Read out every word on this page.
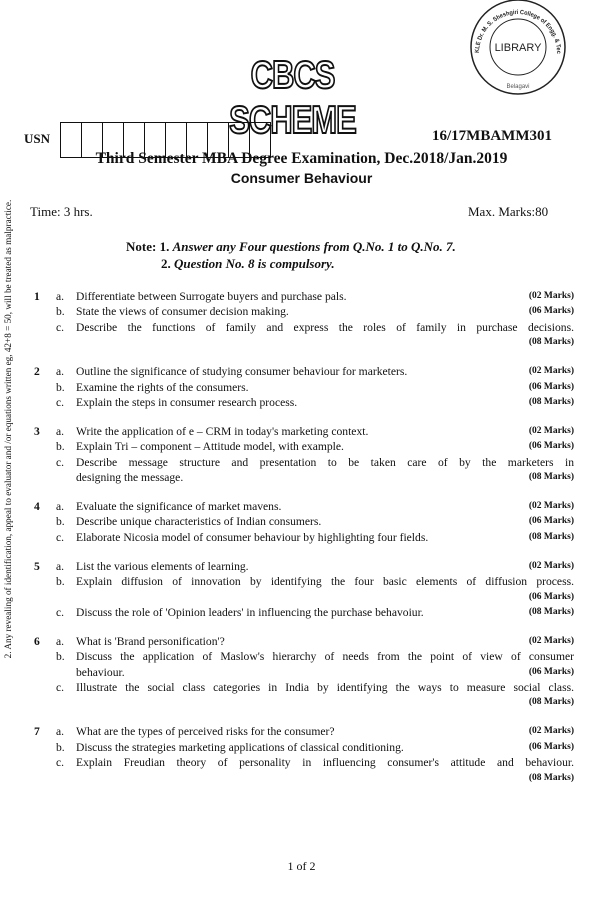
2. Any revealing of identification, appeal to evaluator and /or equations written eg, 42+8 = 50, will be treated as malpractice.
KLE Dr. M. S. Sheshgiri College of Engg. & Tec
LIBRARY
Belagavi
CBCS SCHEME
USN	16/17MBAMM301
Third Semester MBA Degree Examination, Dec.2018/Jan.2019
Consumer Behaviour
Time: 3 hrs.	Max. Marks:80
Note: 1. Answer any Four questions from Q.No. 1 to Q.No. 7.
2. Question No. 8 is compulsory.
1	a.	Differentiate between Surrogate buyers and purchase pals.	(02 Marks)
b. State the views of consumer decision making.	(06 Marks)
c.	Describe the functions of family and express the roles of family in purchase decisions.
(08 Marks)
2	a.	Outline the significance of studying consumer behaviour for marketers.	(02 Marks)
b. Examine the rights of the consumers.	(06 Marks)
c.	Explain the steps in consumer research process.	(08 Marks)
3	a.	Write the application of e – CRM in today's marketing context.	(02 Marks)
b. Explain Tri – component – Attitude model, with example.	(06 Marks)
c.	Describe message structure and presentation to be taken care of by the marketers in
designing the message.	(08 Marks)
4	a.	Evaluate the significance of market mavens.	(02 Marks)
b. Describe unique characteristics of Indian consumers.	(06 Marks)
c.	Elaborate Nicosia model of consumer behaviour by highlighting four fields.	(08 Marks)
5	a.	List the various elements of learning.	(02 Marks)
b. Explain diffusion of innovation by identifying the four basic elements of diffusion process.
(06 Marks)
c.	Discuss the role of 'Opinion leaders' in influencing the purchase behavoiur.	(08 Marks)
6	a.	What is 'Brand personification'?	(02 Marks)
b. Discuss the application of Maslow's hierarchy of needs from the point of view of consumer
behaviour.	(06 Marks)
c.	Illustrate the social class categories in India by identifying the ways to measure social class.
(08 Marks)
7	a.	What are the types of perceived risks for the consumer?	(02 Marks)
b. Discuss the strategies marketing applications of classical conditioning.	(06 Marks)
c.	Explain Freudian theory of personality in influencing consumer's attitude and behaviour.
(08 Marks)
1 of 2
